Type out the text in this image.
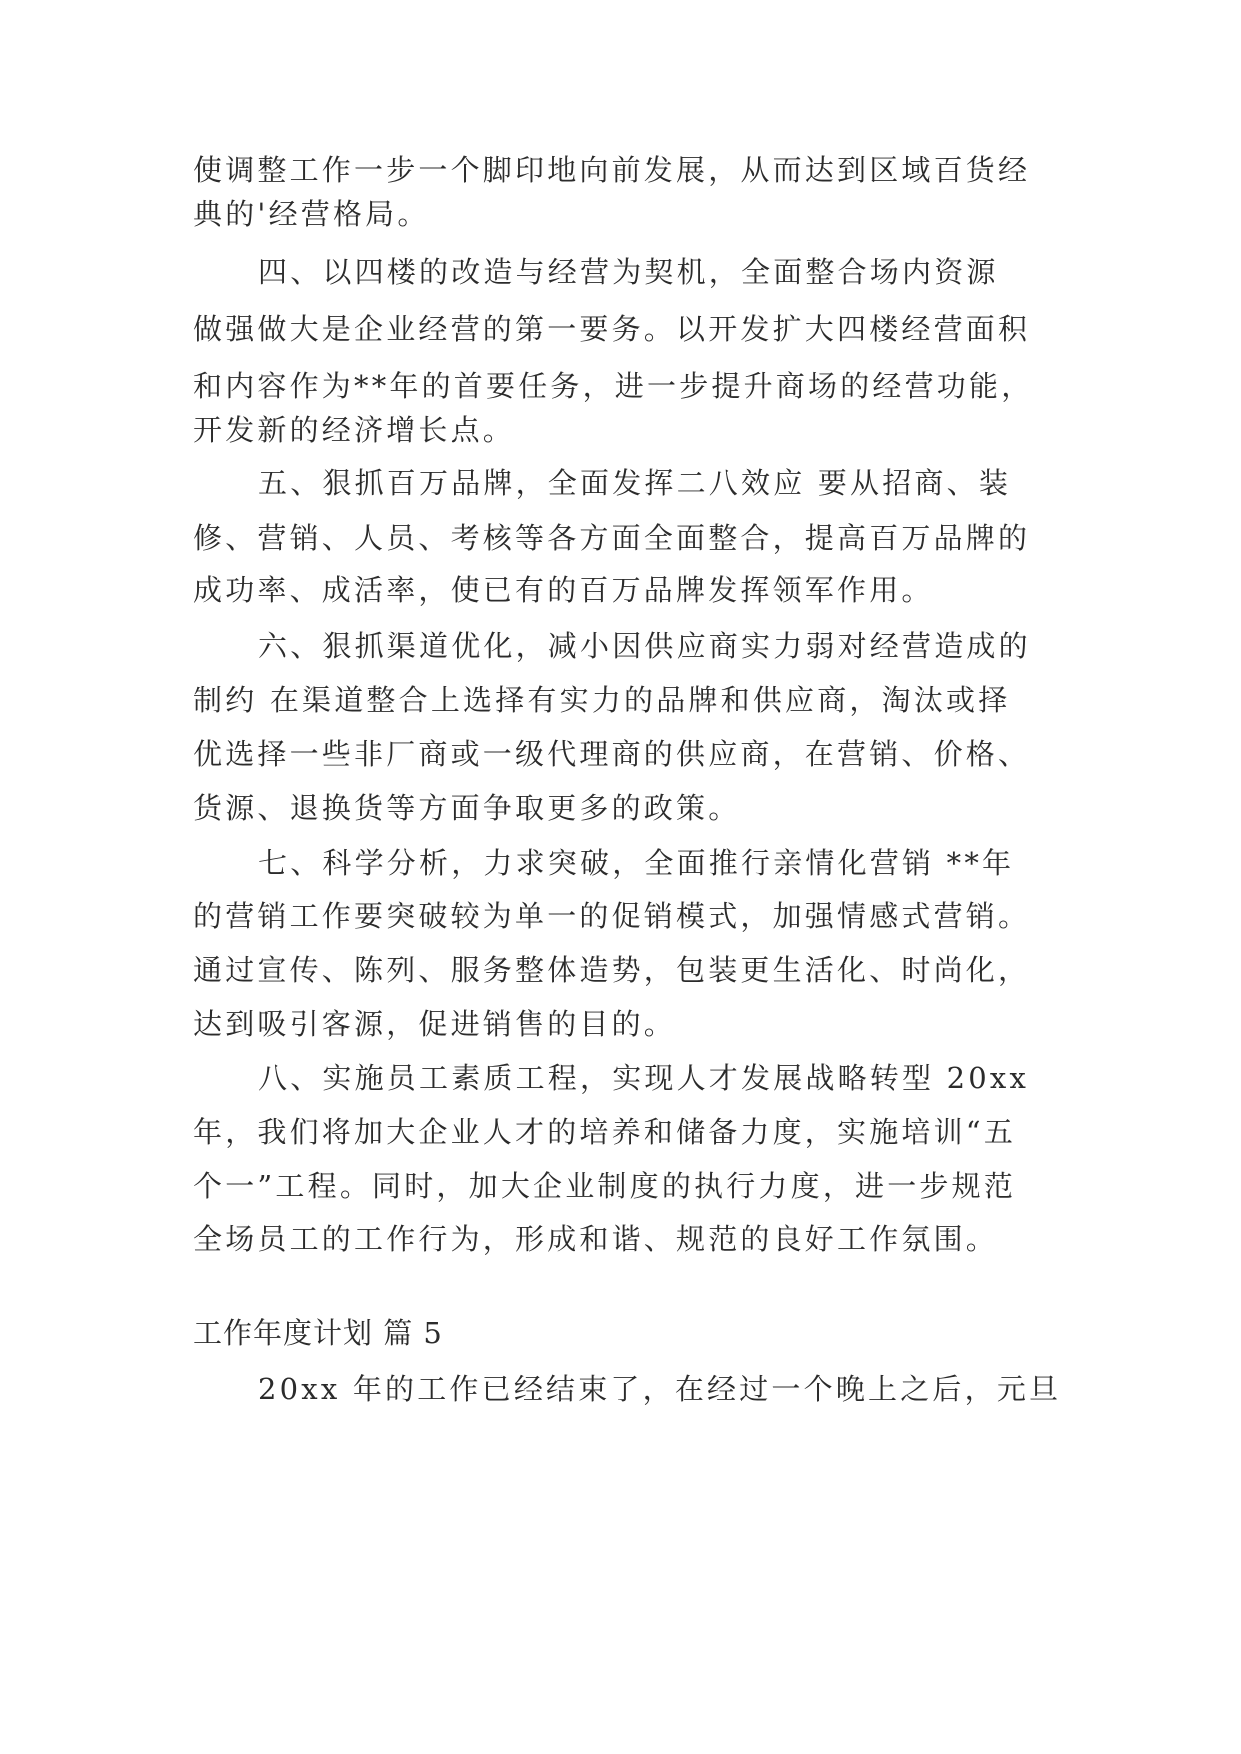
使调整工作一步一个脚印地向前发展，从而达到区域百货经
典的'经营格局。
四、以四楼的改造与经营为契机，全面整合场内资源
做强做大是企业经营的第一要务。以开发扩大四楼经营面积
和内容作为**年的首要任务，进一步提升商场的经营功能，
开发新的经济增长点。
五、狠抓百万品牌，全面发挥二八效应 要从招商、装
修、营销、人员、考核等各方面全面整合，提高百万品牌的
成功率、成活率，使已有的百万品牌发挥领军作用。
六、狠抓渠道优化，减小因供应商实力弱对经营造成的
制约 在渠道整合上选择有实力的品牌和供应商，淘汰或择
优选择一些非厂商或一级代理商的供应商，在营销、价格、
货源、退换货等方面争取更多的政策。
七、科学分析，力求突破，全面推行亲情化营销 **年
的营销工作要突破较为单一的促销模式，加强情感式营销。
通过宣传、陈列、服务整体造势，包装更生活化、时尚化，
达到吸引客源，促进销售的目的。
八、实施员工素质工程，实现人才发展战略转型 20xx
年，我们将加大企业人才的培养和储备力度，实施培训“五
个一”工程。同时，加大企业制度的执行力度，进一步规范
全场员工的工作行为，形成和谐、规范的良好工作氛围。
工作年度计划 篇 5
20xx 年的工作已经结束了，在经过一个晚上之后，元旦
